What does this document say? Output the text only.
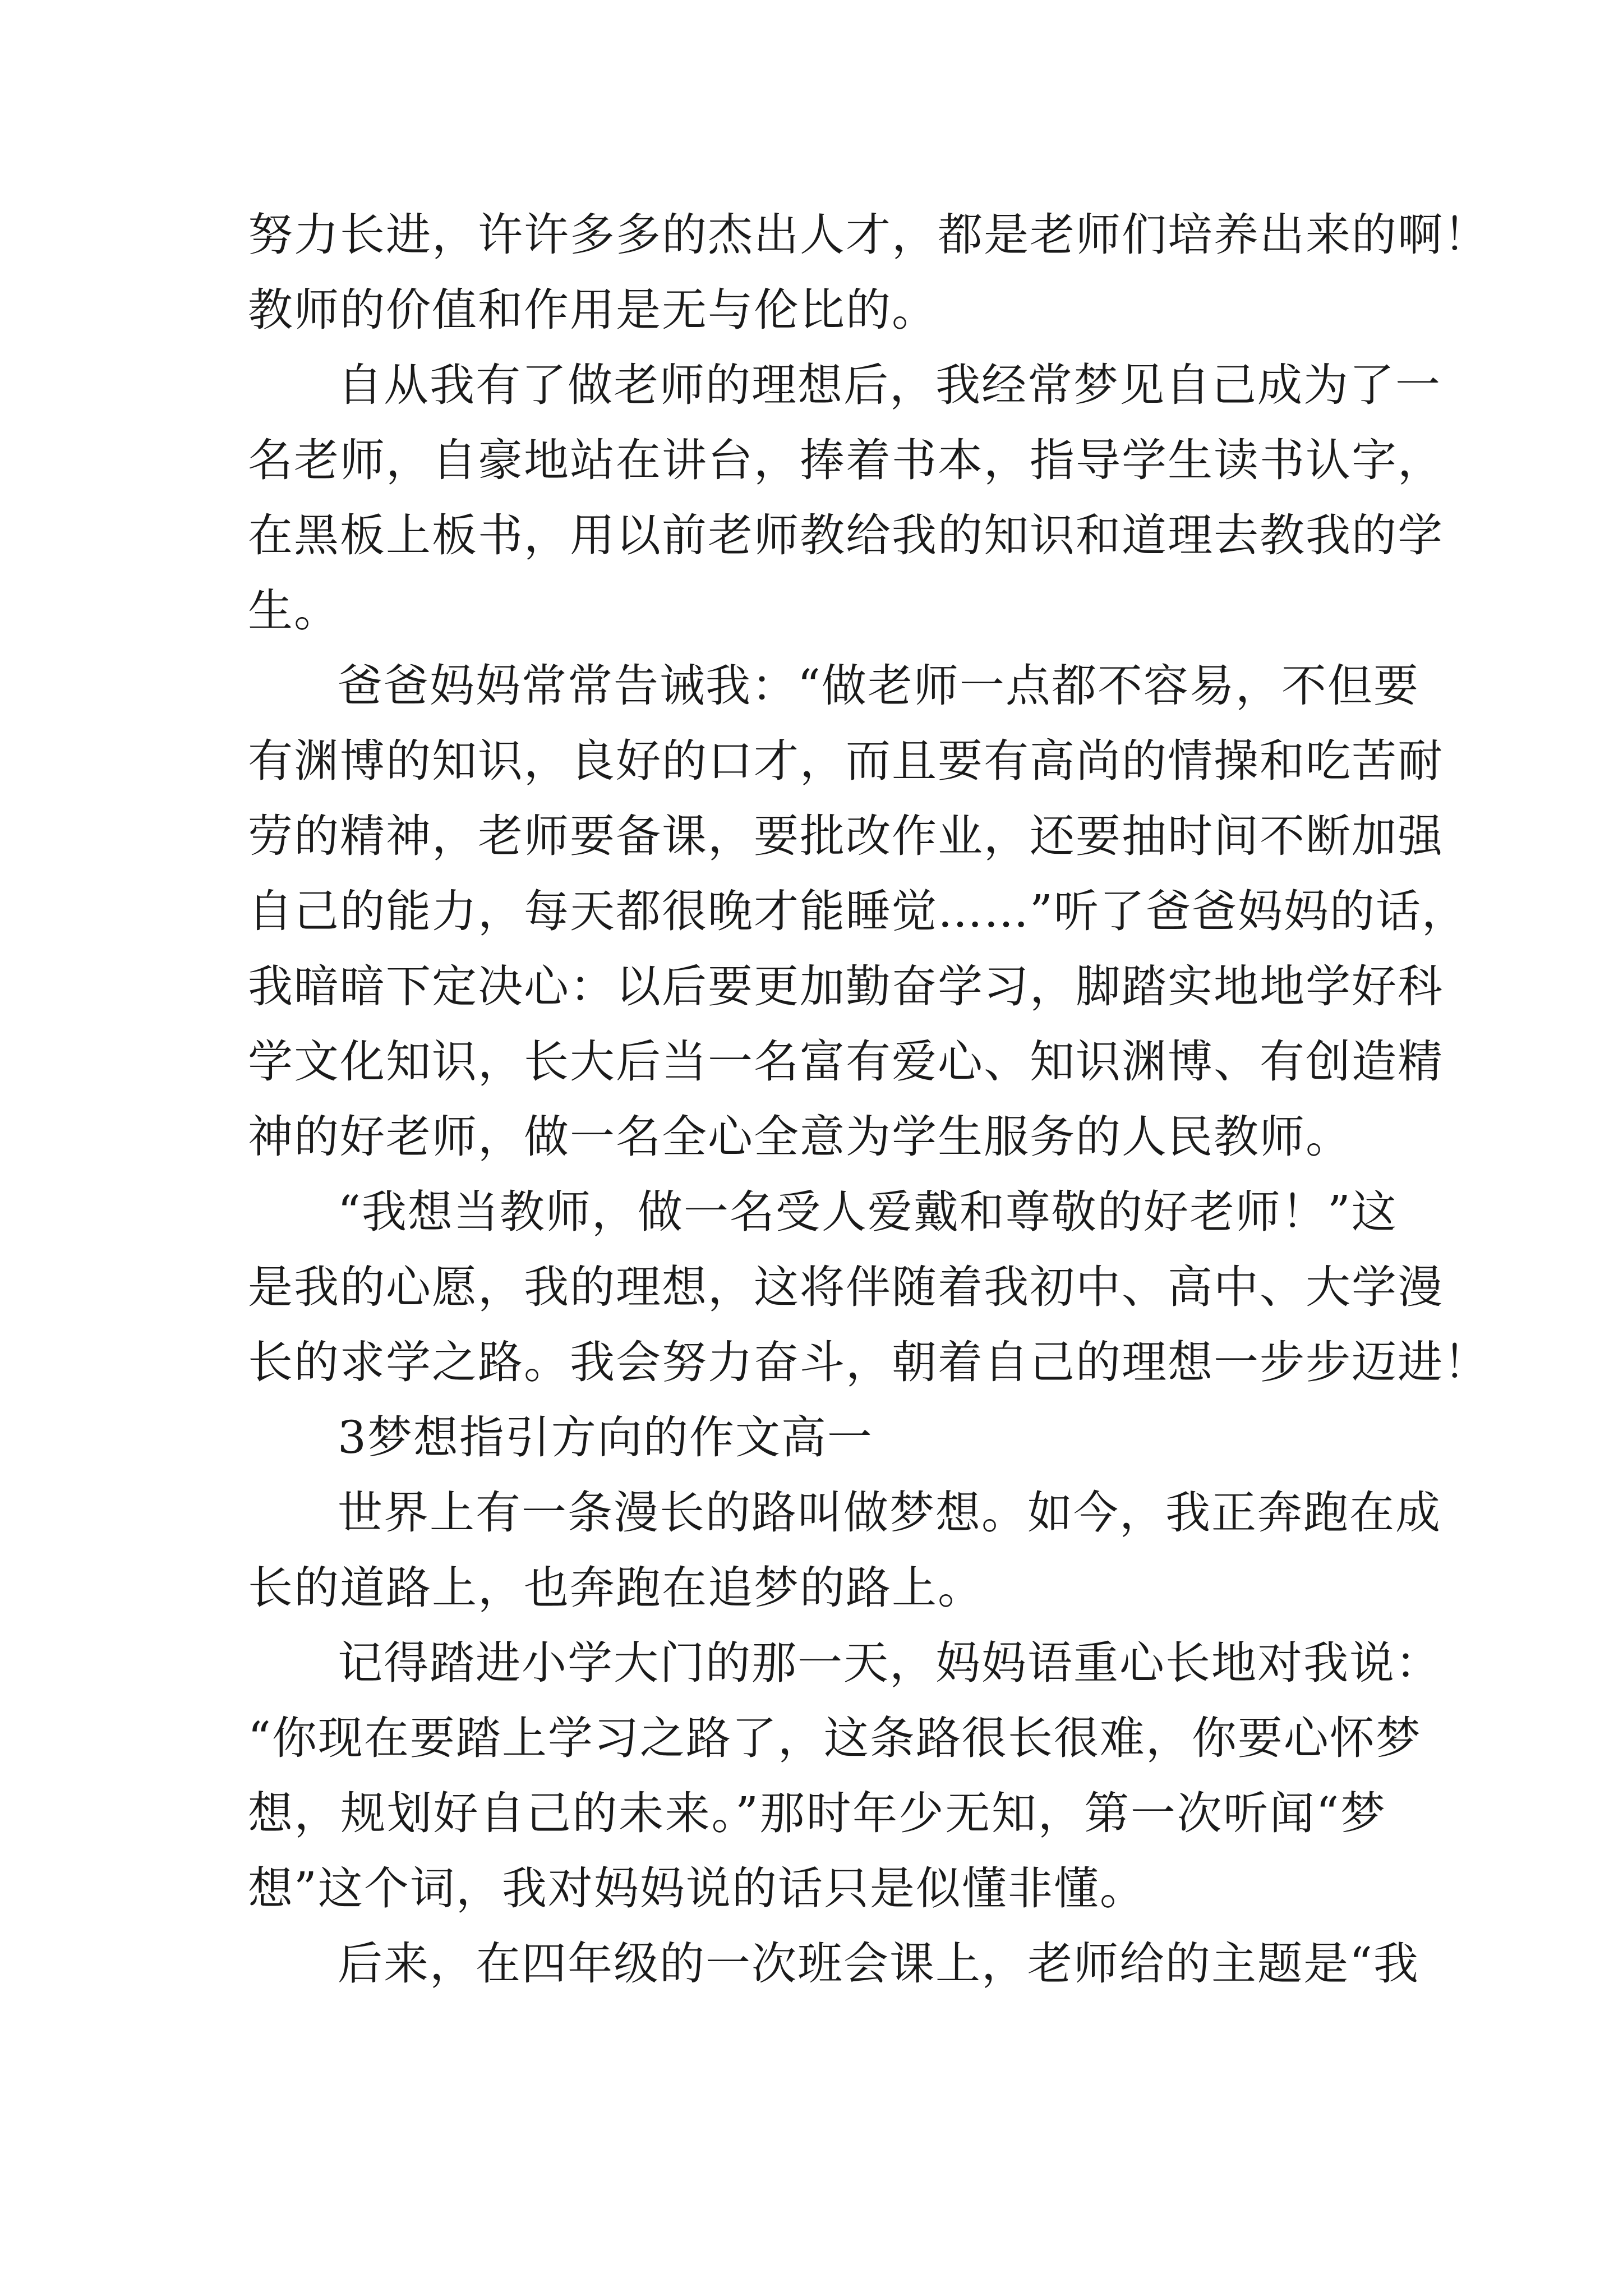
努力长进，许许多多的杰出人才，都是老师们培养出来的啊！
教师的价值和作用是无与伦比的。
自从我有了做老师的理想后，我经常梦见自己成为了一
名老师，自豪地站在讲台，捧着书本，指导学生读书认字，
在黑板上板书，用以前老师教给我的知识和道理去教我的学
生。
爸爸妈妈常常告诫我：“做老师一点都不容易，不但要
有渊博的知识，良好的口才，而且要有高尚的情操和吃苦耐
劳的精神，老师要备课，要批改作业，还要抽时间不断加强
自己的能力，每天都很晚才能睡觉……”听了爸爸妈妈的话，
我暗暗下定决心：以后要更加勤奋学习，脚踏实地地学好科
学文化知识，长大后当一名富有爱心、知识渊博、有创造精
神的好老师，做一名全心全意为学生服务的人民教师。
“我想当教师，做一名受人爱戴和尊敬的好老师！”这
是我的心愿，我的理想，这将伴随着我初中、高中、大学漫
长的求学之路。我会努力奋斗，朝着自己的理想一步步迈进！
3梦想指引方向的作文高一
世界上有一条漫长的路叫做梦想。如今，我正奔跑在成
长的道路上，也奔跑在追梦的路上。
记得踏进小学大门的那一天，妈妈语重心长地对我说：
“你现在要踏上学习之路了，这条路很长很难，你要心怀梦
想，规划好自己的未来。”那时年少无知，第一次听闻“梦
想”这个词，我对妈妈说的话只是似懂非懂。
后来，在四年级的一次班会课上，老师给的主题是“我
